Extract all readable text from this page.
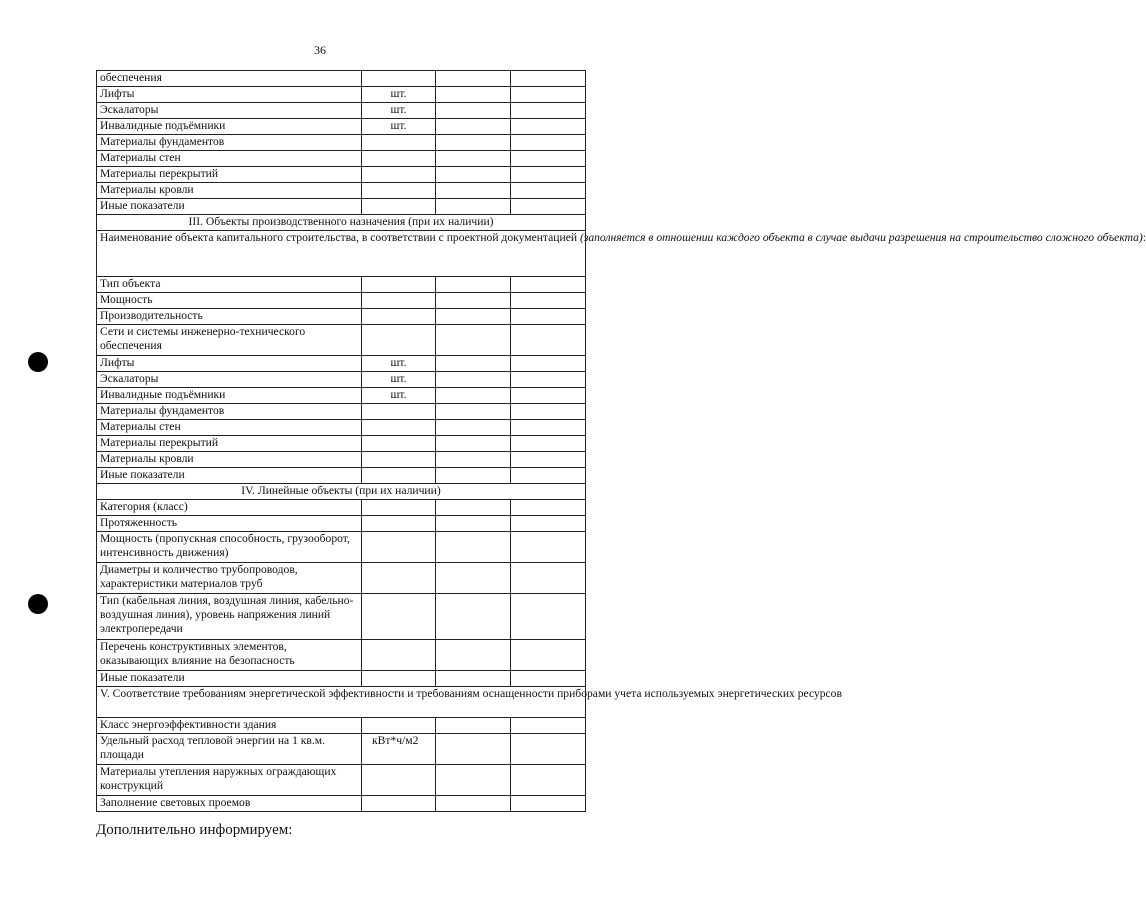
36
обеспечения			
Лифты	шт.		
Эскалаторы	шт.		
Инвалидные подъёмники	шт.		
Материалы фундаментов			
Материалы стен			
Материалы перекрытий			
Материалы кровли			
Иные показатели			
III. Объекты производственного назначения (при их наличии)			
Наименование объекта капитального строительства, в соответствии с проектной документацией (заполняется в отношении каждого объекта в случае выдачи разрешения на строительство сложного объекта):			
Тип объекта			
Мощность			
Производительность			
Сети и системы инженерно-технического обеспечения			
Лифты	шт.		
Эскалаторы	шт.		
Инвалидные подъёмники	шт.		
Материалы фундаментов			
Материалы стен			
Материалы перекрытий			
Материалы кровли			
Иные показатели			
IV. Линейные объекты (при их наличии)			
Категория (класс)			
Протяженность			
Мощность (пропускная способность, грузооборот, интенсивность движения)			
Диаметры и количество трубопроводов, характеристики материалов труб			
Тип (кабельная линия, воздушная линия, кабельно-воздушная линия), уровень напряжения линий электропередачи			
Перечень конструктивных элементов, оказывающих влияние на безопасность			
Иные показатели			
V. Соответствие требованиям энергетической эффективности и требованиям оснащенности приборами учета используемых энергетических ресурсов			
Класс энергоэффективности здания			
Удельный расход тепловой энергии на 1 кв.м. площади	кВт*ч/м2		
Материалы утепления наружных ограждающих конструкций			
Заполнение световых проемов			
Дополнительно информируем:
